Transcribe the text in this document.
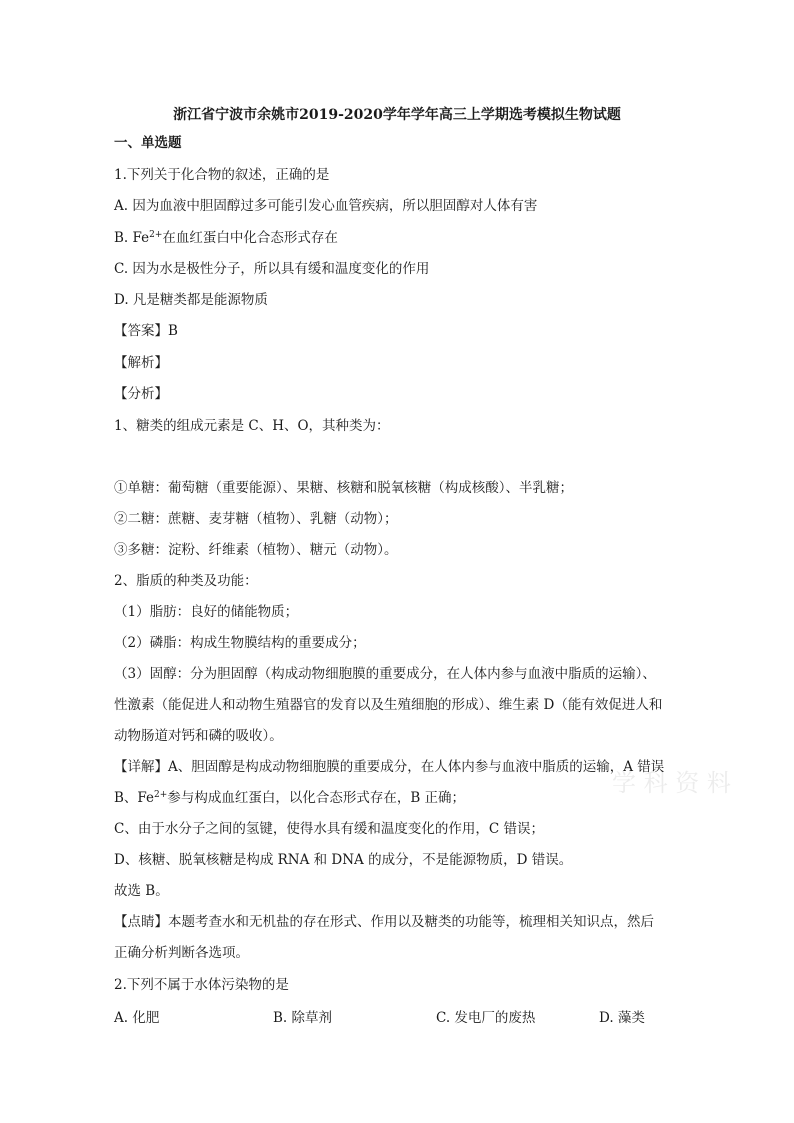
浙江省宁波市余姚市2019-2020学年学年高三上学期选考模拟生物试题
一、单选题
1.下列关于化合物的叙述，正确的是
A. 因为血液中胆固醇过多可能引发心血管疾病，所以胆固醇对人体有害
B. $Fe^{2+}$在血红蛋白中化合态形式存在
C. 因为水是极性分子，所以具有缓和温度变化的作用
D. 凡是糖类都是能源物质
【答案】B
【解析】
【分析】
1、糖类的组成元素是 C、H、O，其种类为：
①单糖：葡萄糖（重要能源）、果糖、核糖和脱氧核糖（构成核酸）、半乳糖；
②二糖：蔗糖、麦芽糖（植物）、乳糖（动物）；
③多糖：淀粉、纤维素（植物）、糖元（动物）。
2、脂质的种类及功能：
（1）脂肪：良好的储能物质；
（2）磷脂：构成生物膜结构的重要成分；
（3）固醇：分为胆固醇（构成动物细胞膜的重要成分，在人体内参与血液中脂质的运输）、
性激素（能促进人和动物生殖器官的发育以及生殖细胞的形成）、维生素 D（能有效促进人和
动物肠道对钙和磷的吸收）。
学 科 资 料
【详解】A、胆固醇是构成动物细胞膜的重要成分，在人体内参与血液中脂质的运输，A 错误
B、$Fe^{2+}$参与构成血红蛋白，以化合态形式存在，B 正确；
C、由于水分子之间的氢键，使得水具有缓和温度变化的作用，C 错误；
D、核糖、脱氧核糖是构成 RNA 和 DNA 的成分，不是能源物质，D 错误。
故选 B。
【点睛】本题考查水和无机盐的存在形式、作用以及糖类的功能等，梳理相关知识点，然后
正确分析判断各选项。
2.下列不属于水体污染物的是
A. 化肥	B. 除草剂	C. 发电厂的废热	D. 藻类
